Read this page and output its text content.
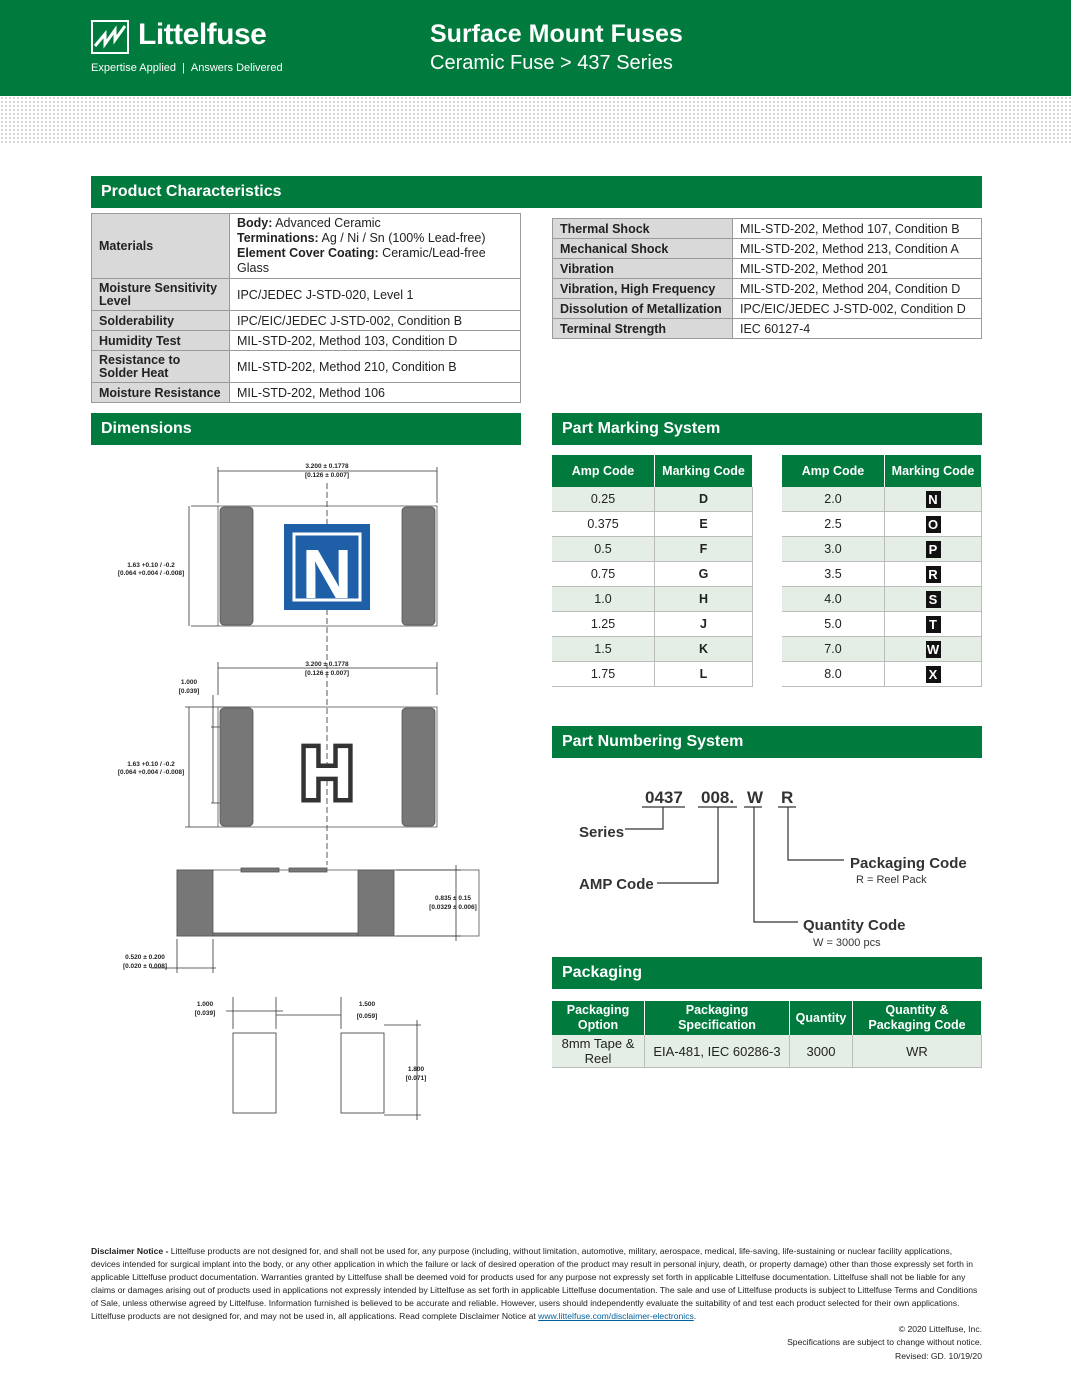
Littelfuse
Expertise Applied | Answers Delivered
Surface Mount Fuses
Ceramic Fuse > 437 Series
Product Characteristics
Materials	Body: Advanced Ceramic
Terminations: Ag / Ni / Sn (100% Lead-free)
Element Cover Coating: Ceramic/Lead-free Glass

Moisture Sensitivity Level	IPC/JEDEC J-STD-020, Level 1
Solderability	IPC/EIC/JEDEC J-STD-002, Condition B
Humidity Test	MIL-STD-202, Method 103, Condition D
Resistance to Solder Heat	MIL-STD-202, Method 210, Condition B
Moisture Resistance	MIL-STD-202, Method 106
Thermal Shock	MIL-STD-202, Method 107, Condition B
Mechanical Shock	MIL-STD-202, Method 213, Condition A
Vibration	MIL-STD-202, Method 201
Vibration, High Frequency	MIL-STD-202, Method 204, Condition D
Dissolution of Metallization	IPC/EIC/JEDEC J-STD-002, Condition D
Terminal Strength	IEC 60127-4
Dimensions
N
H
3.200 ± 0.1778
[0.126 ± 0.007]
1.63 +0.10 / -0.2
[0.064 +0.004 / -0.008]
3.200 ± 0.1778
[0.126 ± 0.007]
1.000
[0.039]
1.63 +0.10 / -0.2
[0.064 +0.004 / -0.008]
0.835 ± 0.15
[0.0329 ± 0.006]
0.520 ± 0.200
[0.020 ± 0.008]
1.000
[0.039]
1.500
[0.059]
1.800
[0.071]
Part Marking System
Amp Code	Marking Code
0.25	D
0.375	E
0.5	F
0.75	G
1.0	H
1.25	J
1.5	K
1.75	L
Amp Code	Marking Code
2.0	N
2.5	O
3.0	P
3.5	R
4.0	S
5.0	T
7.0	W
8.0	X
Part Numbering System
0437 008. W R
Series
AMP Code
Packaging Code
Quantity Code
R = Reel Pack
W = 3000 pcs
Packaging
Packaging Option	Packaging Specification	Quantity	Quantity & Packaging Code
8mm Tape & Reel	EIA-481, IEC 60286-3	3000	WR
Disclaimer Notice - Littelfuse products are not designed for, and shall not be used for, any purpose (including, without limitation, automotive, military, aerospace, medical, life-saving, life-sustaining or nuclear facility applications, devices intended for surgical implant into the body, or any other application in which the failure or lack of desired operation of the product may result in personal injury, death, or property damage) other than those expressly set forth in applicable Littelfuse product documentation. Warranties granted by Littelfuse shall be deemed void for products used for any purpose not expressly set forth in applicable Littelfuse documentation. Littelfuse shall not be liable for any claims or damages arising out of products used in applications not expressly intended by Littelfuse as set forth in applicable Littelfuse documentation. The sale and use of Littelfuse products is subject to Littelfuse Terms and Conditions of Sale, unless otherwise agreed by Littelfuse. Information furnished is believed to be accurate and reliable. However, users should independently evaluate the suitability of and test each product selected for their own applications. Littelfuse products are not designed for, and may not be used in, all applications. Read complete Disclaimer Notice at www.littelfuse.com/disclaimer-electronics.
© 2020 Littelfuse, Inc.
Specifications are subject to change without notice.
Revised: GD. 10/19/20
